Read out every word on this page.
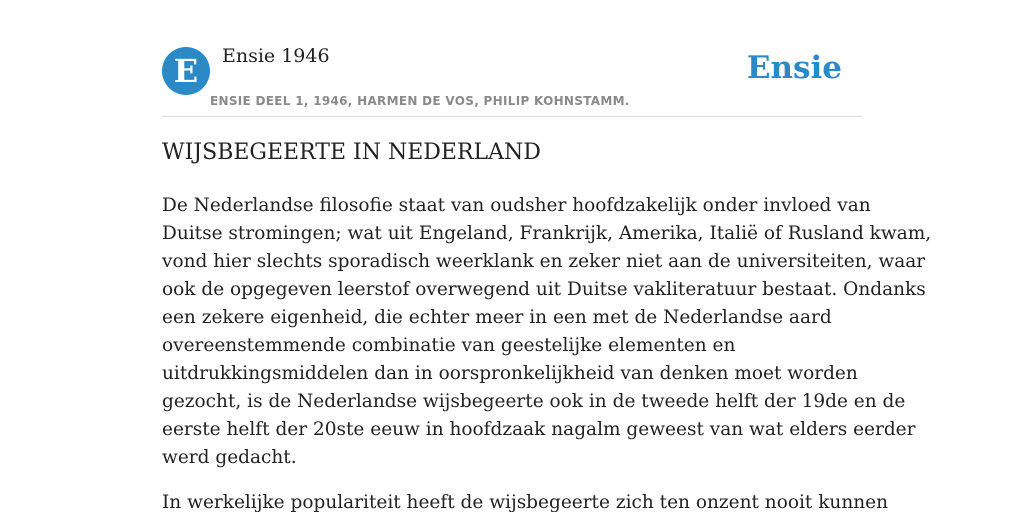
E	Ensie 1946
ENSIE DEEL 1, 1946, HARMEN DE VOS, PHILIP KOHNSTAMM.
Ensie
WIJSBEGEERTE IN NEDERLAND

De Nederlandse filosofie staat van oudsher hoofdzakelijk onder invloed van
Duitse stromingen; wat uit Engeland, Frankrijk, Amerika, Italië of Rusland kwam,
vond hier slechts sporadisch weerklank en zeker niet aan de universiteiten, waar
ook de opgegeven leerstof overwegend uit Duitse vakliteratuur bestaat. Ondanks
een zekere eigenheid, die echter meer in een met de Nederlandse aard
overeenstemmende combinatie van geestelijke elementen en
uitdrukkingsmiddelen dan in oorspronkelijkheid van denken moet worden
gezocht, is de Nederlandse wijsbegeerte ook in de tweede helft der 19de en de
eerste helft der 20ste eeuw in hoofdzaak nagalm geweest van wat elders eerder
werd gedacht.

In werkelijke populariteit heeft de wijsbegeerte zich ten onzent nooit kunnen
